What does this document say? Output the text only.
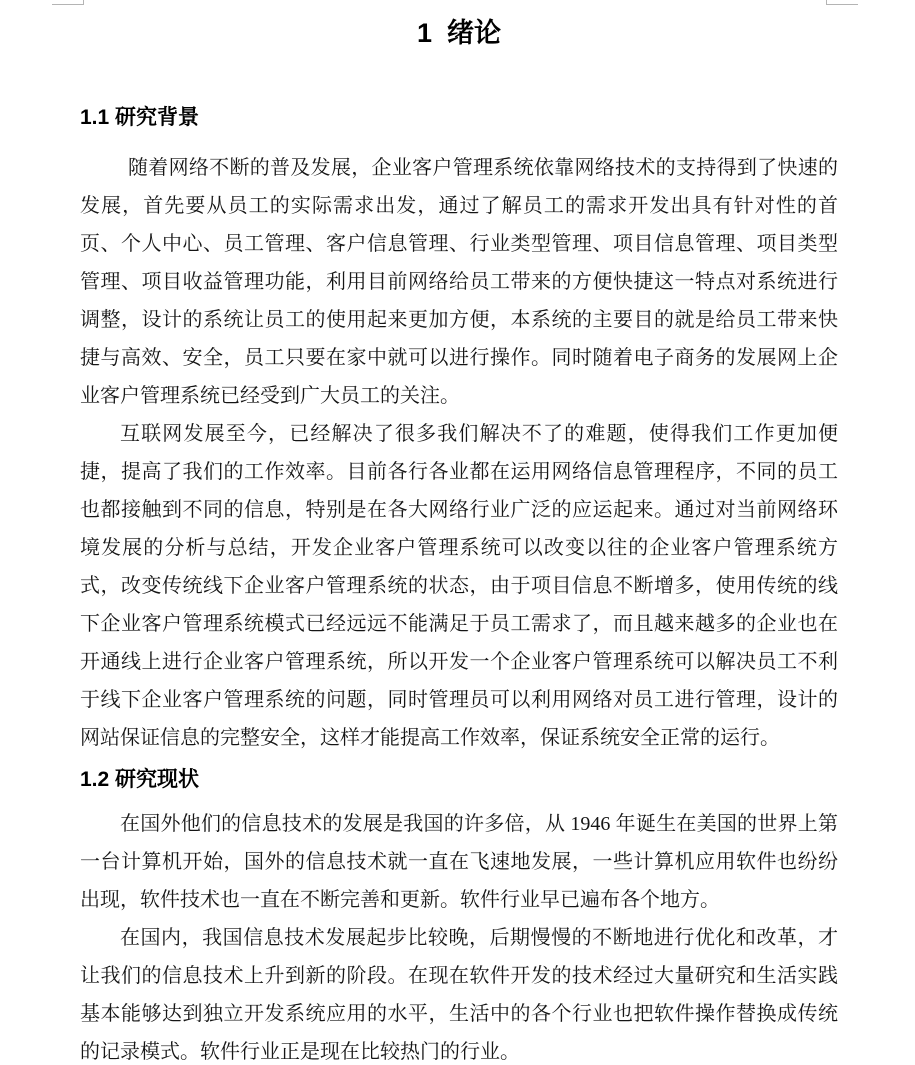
1  绪论
1.1 研究背景

随着网络不断的普及发展，企业客户管理系统依靠网络技术的支持得到了快速的发展，首先要从员工的实际需求出发，通过了解员工的需求开发出具有针对性的首页、个人中心、员工管理、客户信息管理、行业类型管理、项目信息管理、项目类型管理、项目收益管理功能，利用目前网络给员工带来的方便快捷这一特点对系统进行调整，设计的系统让员工的使用起来更加方便，本系统的主要目的就是给员工带来快捷与高效、安全，员工只要在家中就可以进行操作。同时随着电子商务的发展网上企业客户管理系统已经受到广大员工的关注。

互联网发展至今，已经解决了很多我们解决不了的难题，使得我们工作更加便捷，提高了我们的工作效率。目前各行各业都在运用网络信息管理程序，不同的员工也都接触到不同的信息，特别是在各大网络行业广泛的应运起来。通过对当前网络环境发展的分析与总结，开发企业客户管理系统可以改变以往的企业客户管理系统方式，改变传统线下企业客户管理系统的状态，由于项目信息不断增多，使用传统的线下企业客户管理系统模式已经远远不能满足于员工需求了，而且越来越多的企业也在开通线上进行企业客户管理系统，所以开发一个企业客户管理系统可以解决员工不利于线下企业客户管理系统的问题，同时管理员可以利用网络对员工进行管理，设计的网站保证信息的完整安全，这样才能提高工作效率，保证系统安全正常的运行。

1.2 研究现状

在国外他们的信息技术的发展是我国的许多倍，从 1946 年诞生在美国的世界上第一台计算机开始，国外的信息技术就一直在飞速地发展，一些计算机应用软件也纷纷出现，软件技术也一直在不断完善和更新。软件行业早已遍布各个地方。

在国内，我国信息技术发展起步比较晚，后期慢慢的不断地进行优化和改革，才让我们的信息技术上升到新的阶段。在现在软件开发的技术经过大量研究和生活实践基本能够达到独立开发系统应用的水平，生活中的各个行业也把软件操作替换成传统的记录模式。软件行业正是现在比较热门的行业。
